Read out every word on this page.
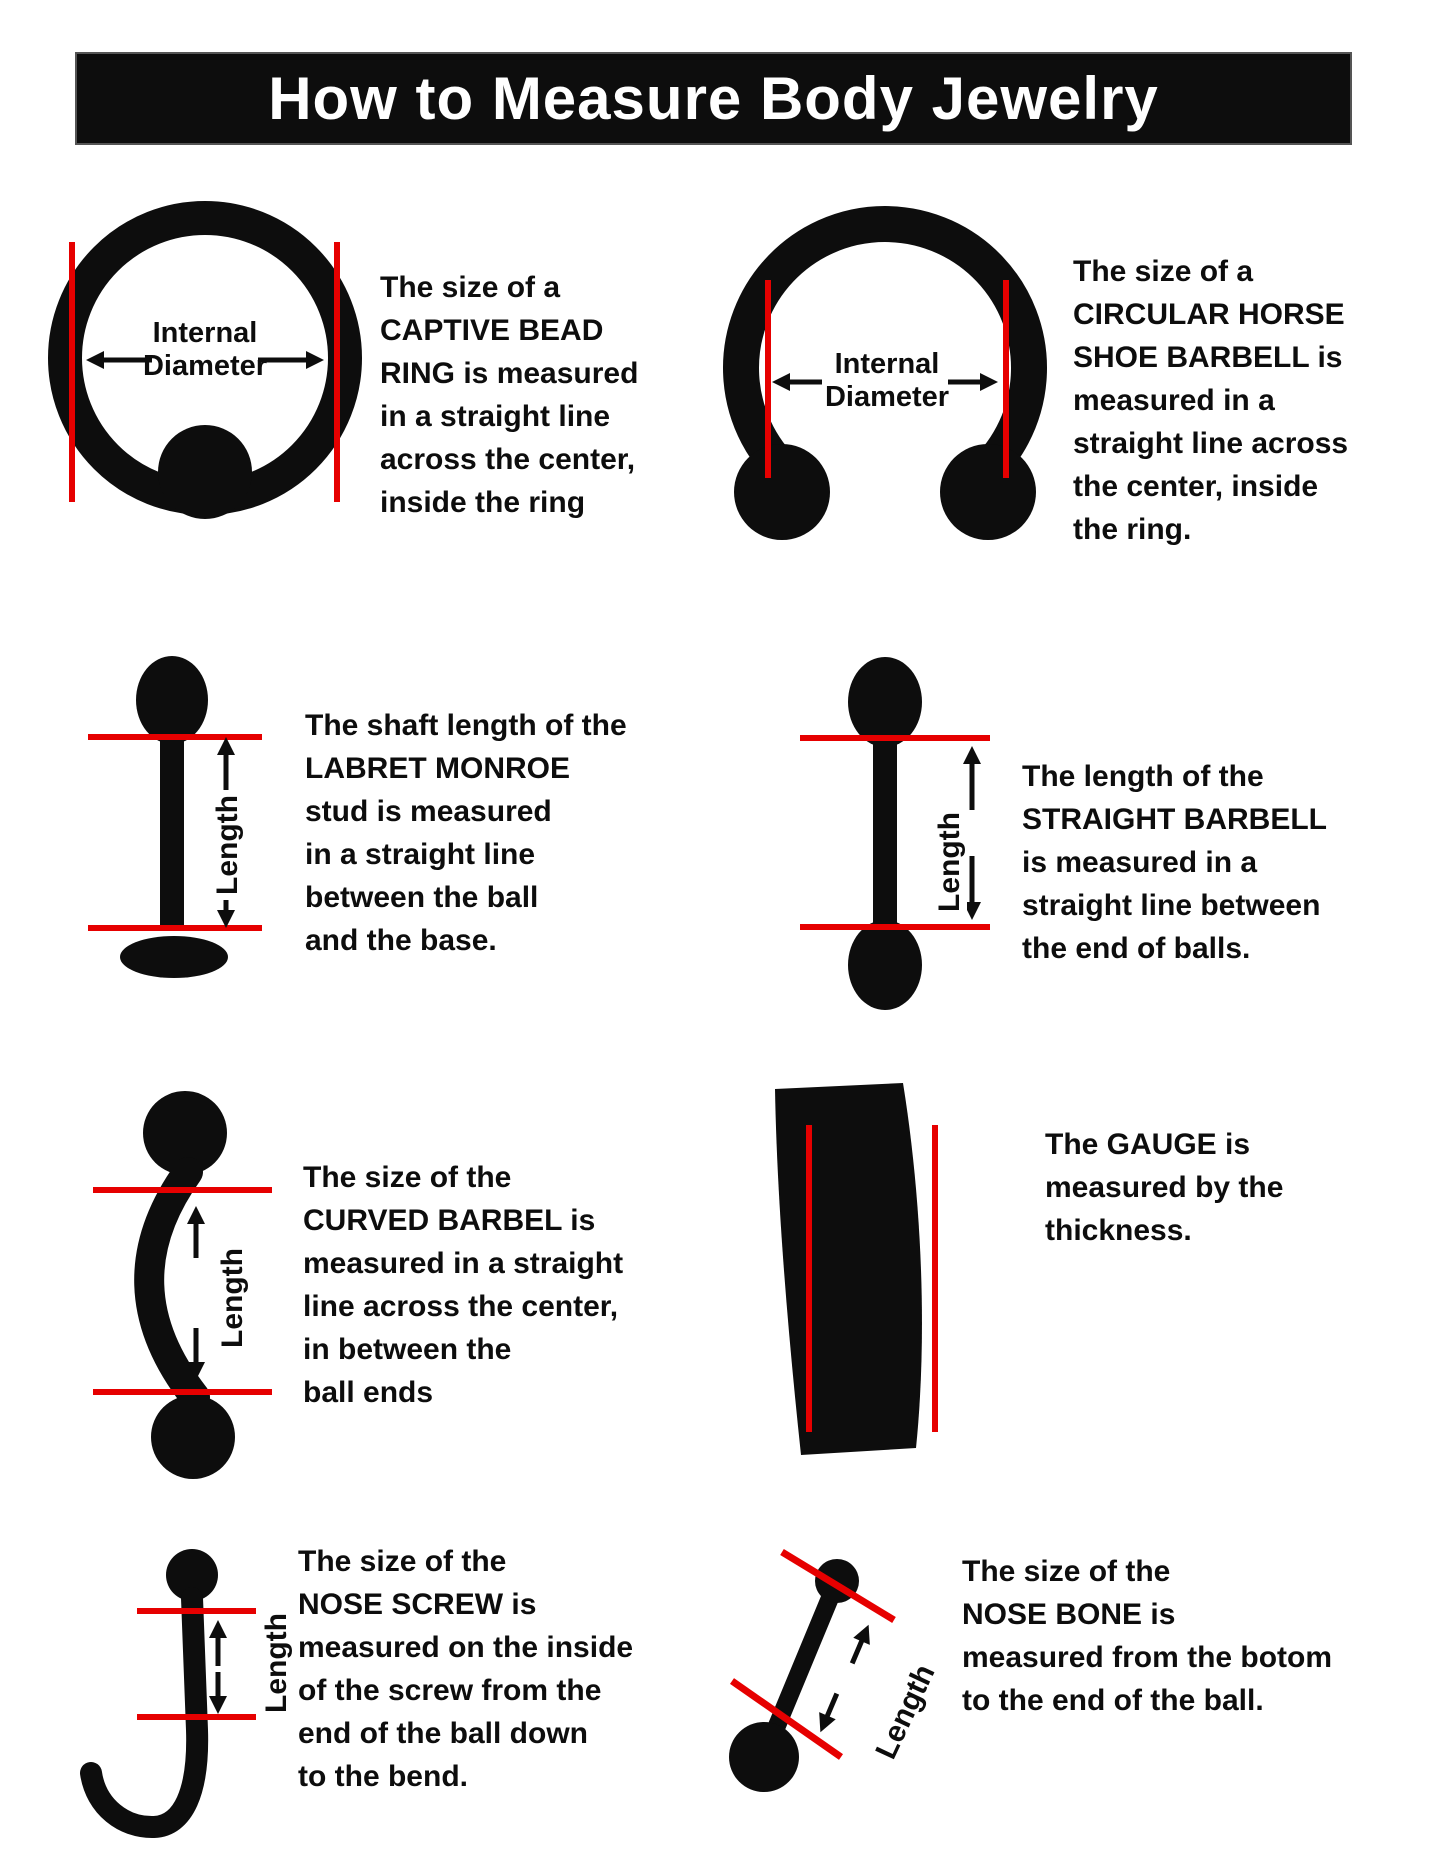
How to Measure Body Jewelry
Internal
Diameter
The size of a
CAPTIVE BEAD
RING is measured
in a straight line
across the center,
inside the ring
Internal
Diameter
The size of a
CIRCULAR HORSE
SHOE BARBELL is
measured in a
straight line across
the center, inside
the ring.
Length
The shaft length of the
LABRET MONROE
stud is measured
in a straight line
between the ball
and the base.
Length
The length of the
STRAIGHT BARBELL
is measured in a
straight line between
the end of balls.
Length
The size of the
CURVED BARBEL is
measured in a straight
line across the center,
in between the
ball ends
The GAUGE is
measured by the
thickness.
Length
The size of the
NOSE SCREW is
measured on the inside
of the screw from the
end of the ball down
to the bend.
Length
The size of the
NOSE BONE is
measured from the botom
to the end of the ball.
